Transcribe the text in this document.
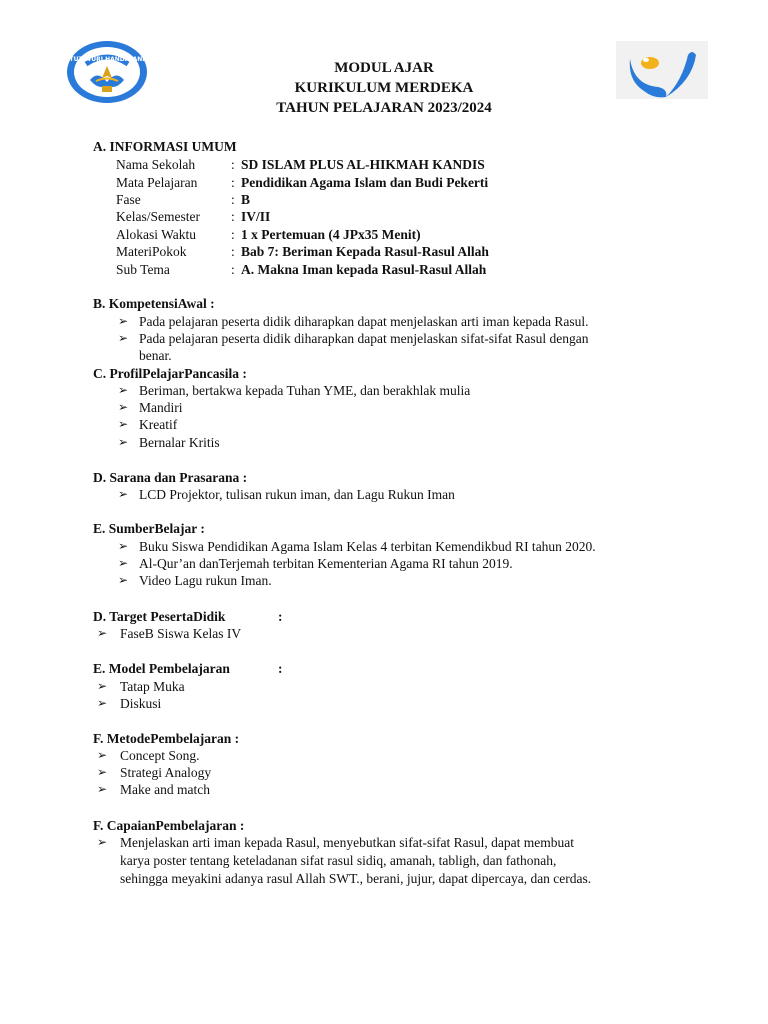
TUT WURI HANDAYANI
MODUL AJAR
KURIKULUM MERDEKA
TAHUN PELAJARAN 2023/2024
A. INFORMASI UMUM
Nama Sekolah	: SD ISLAM PLUS AL-HIKMAH KANDIS
Mata Pelajaran : Pendidikan Agama Islam dan Budi Pekerti
Fase	: B
Kelas/Semester : IV/II
Alokasi Waktu	: 1 x Pertemuan (4 JPx35 Menit)
MateriPokok	: Bab 7: Beriman Kepada Rasul-Rasul Allah
Sub Tema	: A. Makna Iman kepada Rasul-Rasul Allah
B. KompetensiAwal :
➢ Pada pelajaran peserta didik diharapkan dapat menjelaskan arti iman kepada Rasul.
➢ Pada pelajaran peserta didik diharapkan dapat menjelaskan sifat-sifat Rasul dengan
benar.
C. ProfilPelajarPancasila :
➢ Beriman, bertakwa kepada Tuhan YME, dan berakhlak mulia
➢ Mandiri
➢ Kreatif
➢ Bernalar Kritis
D. Sarana dan Prasarana :
➢ LCD Projektor, tulisan rukun iman, dan Lagu Rukun Iman
E. SumberBelajar :
➢ Buku Siswa Pendidikan Agama Islam Kelas 4 terbitan Kemendikbud RI tahun 2020.
➢ Al-Qur’an danTerjemah terbitan Kementerian Agama RI tahun 2019.
➢ Video Lagu rukun Iman.
D. Target PesertaDidik	:
➢ FaseB Siswa Kelas IV
E. Model Pembelajaran	:
➢ Tatap Muka
➢ Diskusi
F. MetodePembelajaran :
➢ Concept Song.
➢ Strategi Analogy
➢ Make and match
F. CapaianPembelajaran :
➢ Menjelaskan arti iman kepada Rasul, menyebutkan sifat-sifat Rasul, dapat membuat
karya poster tentang keteladanan sifat rasul sidiq, amanah, tabligh, dan fathonah,
sehingga meyakini adanya rasul Allah SWT., berani, jujur, dapat dipercaya, dan cerdas.
